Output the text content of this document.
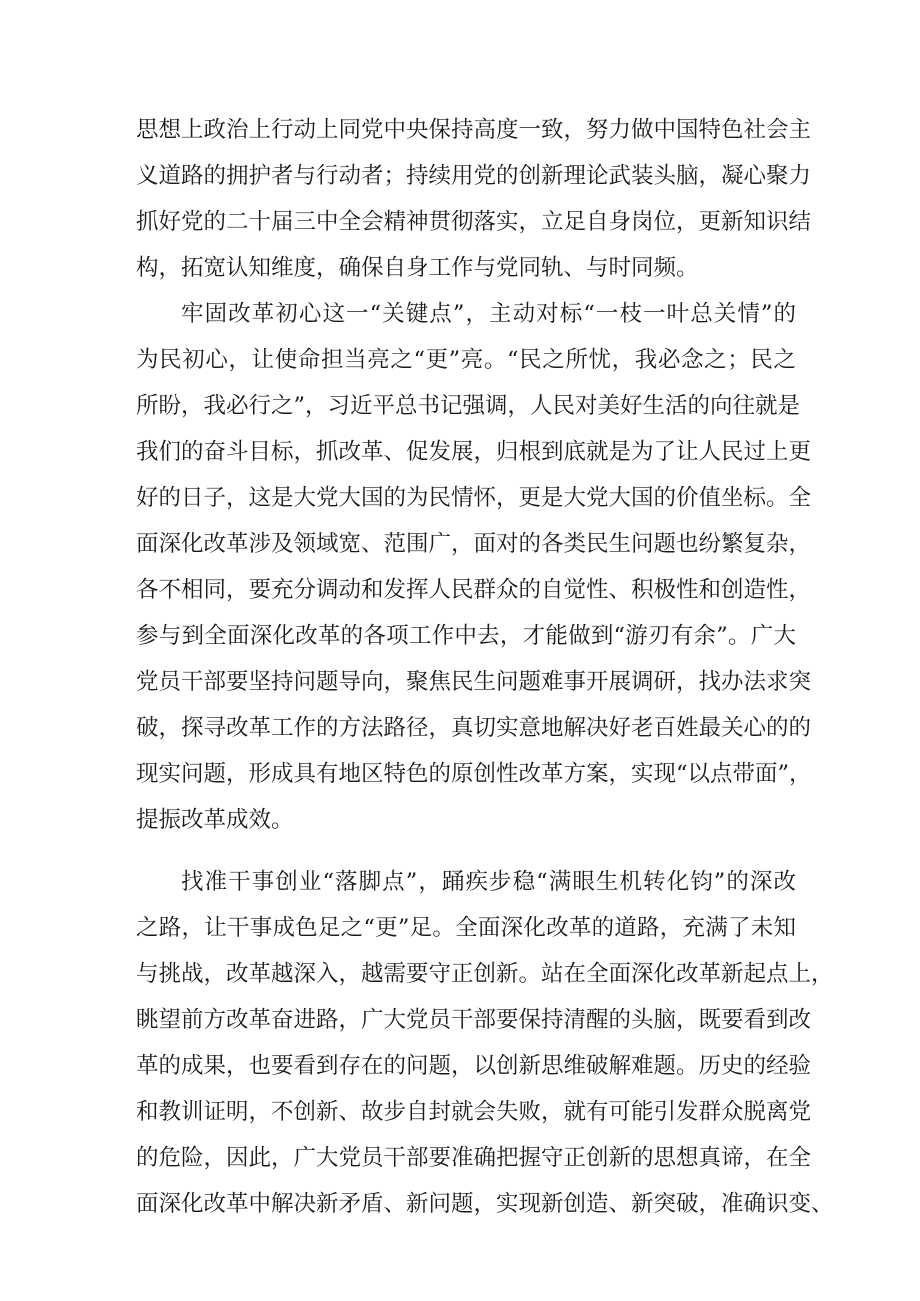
思想上政治上行动上同党中央保持高度一致，努力做中国特色社会主
义道路的拥护者与行动者；持续用党的创新理论武装头脑，凝心聚力
抓好党的二十届三中全会精神贯彻落实，立足自身岗位，更新知识结
构，拓宽认知维度，确保自身工作与党同轨、与时同频。
牢固改革初心这一“关键点”，主动对标“一枝一叶总关情”的
为民初心，让使命担当亮之“更”亮。“民之所忧，我必念之；民之
所盼，我必行之”，习近平总书记强调，人民对美好生活的向往就是
我们的奋斗目标，抓改革、促发展，归根到底就是为了让人民过上更
好的日子，这是大党大国的为民情怀，更是大党大国的价值坐标。全
面深化改革涉及领域宽、范围广，面对的各类民生问题也纷繁复杂，
各不相同，要充分调动和发挥人民群众的自觉性、积极性和创造性，
参与到全面深化改革的各项工作中去，才能做到“游刃有余”。广大
党员干部要坚持问题导向，聚焦民生问题难事开展调研，找办法求突
破，探寻改革工作的方法路径，真切实意地解决好老百姓最关心的的
现实问题，形成具有地区特色的原创性改革方案，实现“以点带面”，
提振改革成效。
找准干事创业“落脚点”，踊疾步稳“满眼生机转化钧”的深改
之路，让干事成色足之“更”足。全面深化改革的道路，充满了未知
与挑战，改革越深入，越需要守正创新。站在全面深化改革新起点上，
眺望前方改革奋进路，广大党员干部要保持清醒的头脑，既要看到改
革的成果，也要看到存在的问题，以创新思维破解难题。历史的经验
和教训证明，不创新、故步自封就会失败，就有可能引发群众脱离党
的危险，因此，广大党员干部要准确把握守正创新的思想真谛，在全
面深化改革中解决新矛盾、新问题，实现新创造、新突破，准确识变、
